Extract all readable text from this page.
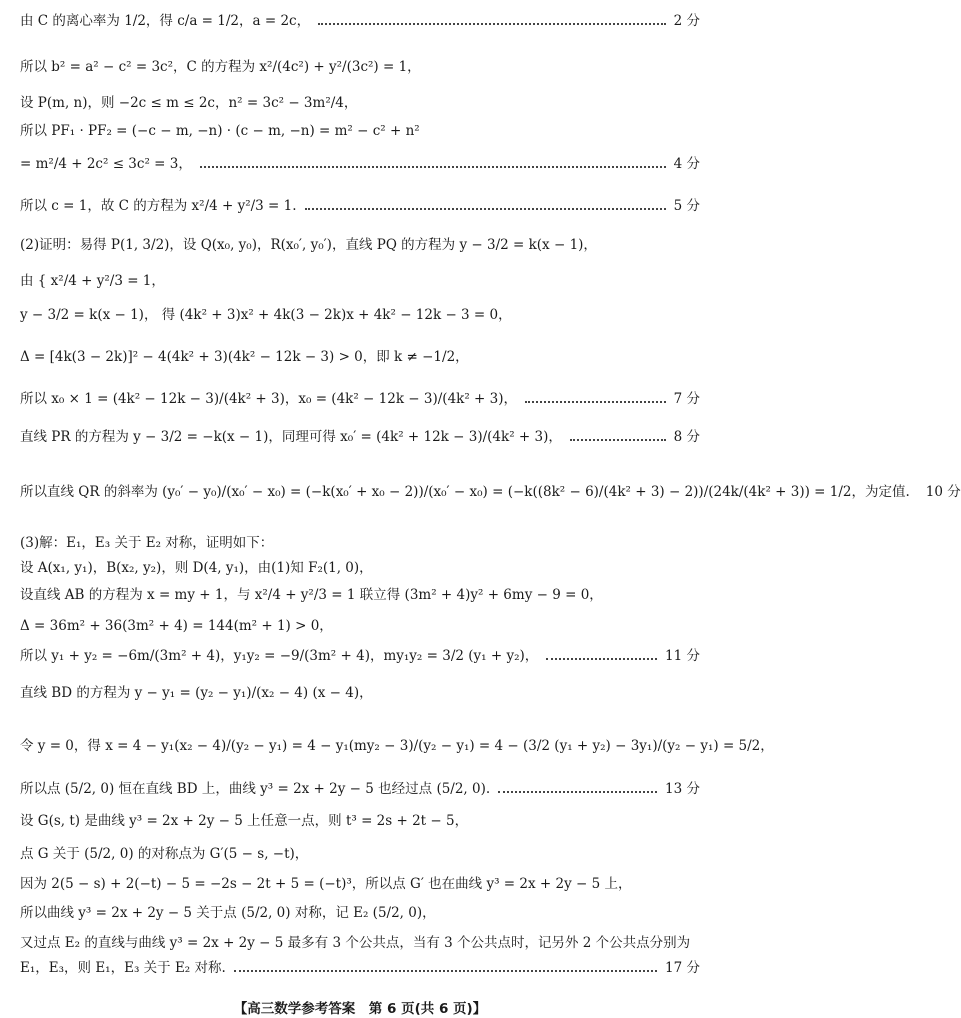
由 C 的离心率为 1/2，得 c/a = 1/2，a = 2c，	2 分
所以 b² = a² − c² = 3c²，C 的方程为 x²/(4c²) + y²/(3c²) = 1，
设 P(m, n)，则 −2c ≤ m ≤ 2c，n² = 3c² − 3m²/4，
所以 PF₁ · PF₂ = (−c − m, −n) · (c − m, −n) = m² − c² + n²
= m²/4 + 2c² ≤ 3c² = 3，	4 分
所以 c = 1，故 C 的方程为 x²/4 + y²/3 = 1.	5 分
(2)证明：易得 P(1, 3/2)，设 Q(x₀, y₀)，R(x₀′, y₀′)，直线 PQ 的方程为 y − 3/2 = k(x − 1)，
由 { x²/4 + y²/3 = 1，
y − 3/2 = k(x − 1)， 得 (4k² + 3)x² + 4k(3 − 2k)x + 4k² − 12k − 3 = 0，
Δ = [4k(3 − 2k)]² − 4(4k² + 3)(4k² − 12k − 3) > 0，即 k ≠ −1/2，
所以 x₀ × 1 = (4k² − 12k − 3)/(4k² + 3)，x₀ = (4k² − 12k − 3)/(4k² + 3)，	7 分
直线 PR 的方程为 y − 3/2 = −k(x − 1)，同理可得 x₀′ = (4k² + 12k − 3)/(4k² + 3)，	8 分
所以直线 QR 的斜率为 (y₀′ − y₀)/(x₀′ − x₀) = (−k(x₀′ + x₀ − 2))/(x₀′ − x₀) = (−k((8k² − 6)/(4k² + 3) − 2))/(24k/(4k² + 3)) = 1/2，为定值. 10 分
(3)解：E₁，E₃ 关于 E₂ 对称，证明如下：
设 A(x₁, y₁)，B(x₂, y₂)，则 D(4, y₁)，由(1)知 F₂(1, 0)，
设直线 AB 的方程为 x = my + 1，与 x²/4 + y²/3 = 1 联立得 (3m² + 4)y² + 6my − 9 = 0，
Δ = 36m² + 36(3m² + 4) = 144(m² + 1) > 0，
所以 y₁ + y₂ = −6m/(3m² + 4)，y₁y₂ = −9/(3m² + 4)，my₁y₂ = 3/2 (y₁ + y₂)，	11 分
直线 BD 的方程为 y − y₁ = (y₂ − y₁)/(x₂ − 4) (x − 4)，
令 y = 0，得 x = 4 − y₁(x₂ − 4)/(y₂ − y₁) = 4 − y₁(my₂ − 3)/(y₂ − y₁) = 4 − (3/2 (y₁ + y₂) − 3y₁)/(y₂ − y₁) = 5/2，
所以点 (5/2, 0) 恒在直线 BD 上，曲线 y³ = 2x + 2y − 5 也经过点 (5/2, 0).	13 分
设 G(s, t) 是曲线 y³ = 2x + 2y − 5 上任意一点，则 t³ = 2s + 2t − 5，
点 G 关于 (5/2, 0) 的对称点为 G′(5 − s, −t)，
因为 2(5 − s) + 2(−t) − 5 = −2s − 2t + 5 = (−t)³，所以点 G′ 也在曲线 y³ = 2x + 2y − 5 上，
所以曲线 y³ = 2x + 2y − 5 关于点 (5/2, 0) 对称，记 E₂ (5/2, 0)，
又过点 E₂ 的直线与曲线 y³ = 2x + 2y − 5 最多有 3 个公共点，当有 3 个公共点时，记另外 2 个公共点分别为
E₁，E₃，则 E₁，E₃ 关于 E₂ 对称.	17 分
【高三数学参考答案　第 6 页(共 6 页)】
